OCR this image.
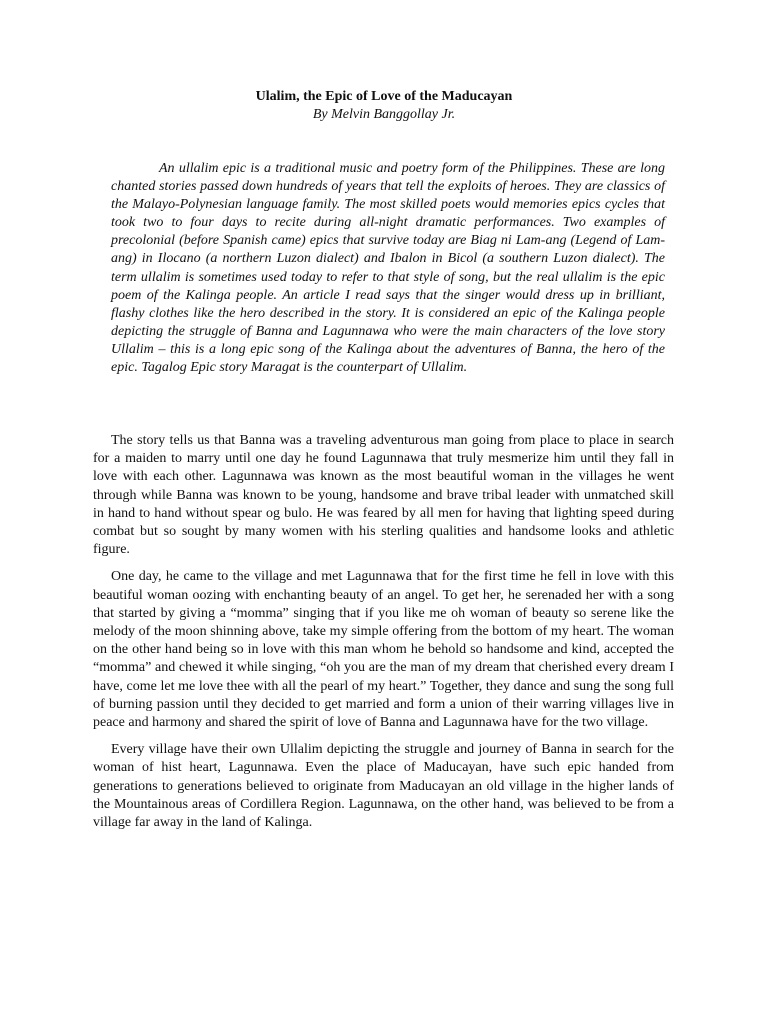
Ulalim, the Epic of Love of the Maducayan
By Melvin Banggollay Jr.

An ullalim epic is a traditional music and poetry form of the Philippines. These are long chanted stories passed down hundreds of years that tell the exploits of heroes. They are classics of the Malayo-Polynesian language family. The most skilled poets would memories epics cycles that took two to four days to recite during all-night dramatic performances. Two examples of precolonial (before Spanish came) epics that survive today are Biag ni Lam-ang (Legend of Lam-ang) in Ilocano (a northern Luzon dialect) and Ibalon in Bicol (a southern Luzon dialect). The term ullalim is sometimes used today to refer to that style of song, but the real ullalim is the epic poem of the Kalinga people. An article I read says that the singer would dress up in brilliant, flashy clothes like the hero described in the story. It is considered an epic of the Kalinga people depicting the struggle of Banna and Lagunnawa who were the main characters of the love story Ullalim – this is a long epic song of the Kalinga about the adventures of Banna, the hero of the epic. Tagalog Epic story Maragat is the counterpart of Ullalim.

The story tells us that Banna was a traveling adventurous man going from place to place in search for a maiden to marry until one day he found Lagunnawa that truly mesmerize him until they fall in love with each other. Lagunnawa was known as the most beautiful woman in the villages he went through while Banna was known to be young, handsome and brave tribal leader with unmatched skill in hand to hand without spear og bulo. He was feared by all men for having that lighting speed during combat but so sought by many women with his sterling qualities and handsome looks and athletic figure.

One day, he came to the village and met Lagunnawa that for the first time he fell in love with this beautiful woman oozing with enchanting beauty of an angel. To get her, he serenaded her with a song that started by giving a “momma” singing that if you like me oh woman of beauty so serene like the melody of the moon shinning above, take my simple offering from the bottom of my heart. The woman on the other hand being so in love with this man whom he behold so handsome and kind, accepted the “momma” and chewed it while singing, “oh you are the man of my dream that cherished every dream I have, come let me love thee with all the pearl of my heart.” Together, they dance and sung the song full of burning passion until they decided to get married and form a union of their warring villages live in peace and harmony and shared the spirit of love of Banna and Lagunnawa have for the two village.

Every village have their own Ullalim depicting the struggle and journey of Banna in search for the woman of hist heart, Lagunnawa. Even the place of Maducayan, have such epic handed from generations to generations believed to originate from Maducayan an old village in the higher lands of the Mountainous areas of Cordillera Region. Lagunnawa, on the other hand, was believed to be from a village far away in the land of Kalinga.
